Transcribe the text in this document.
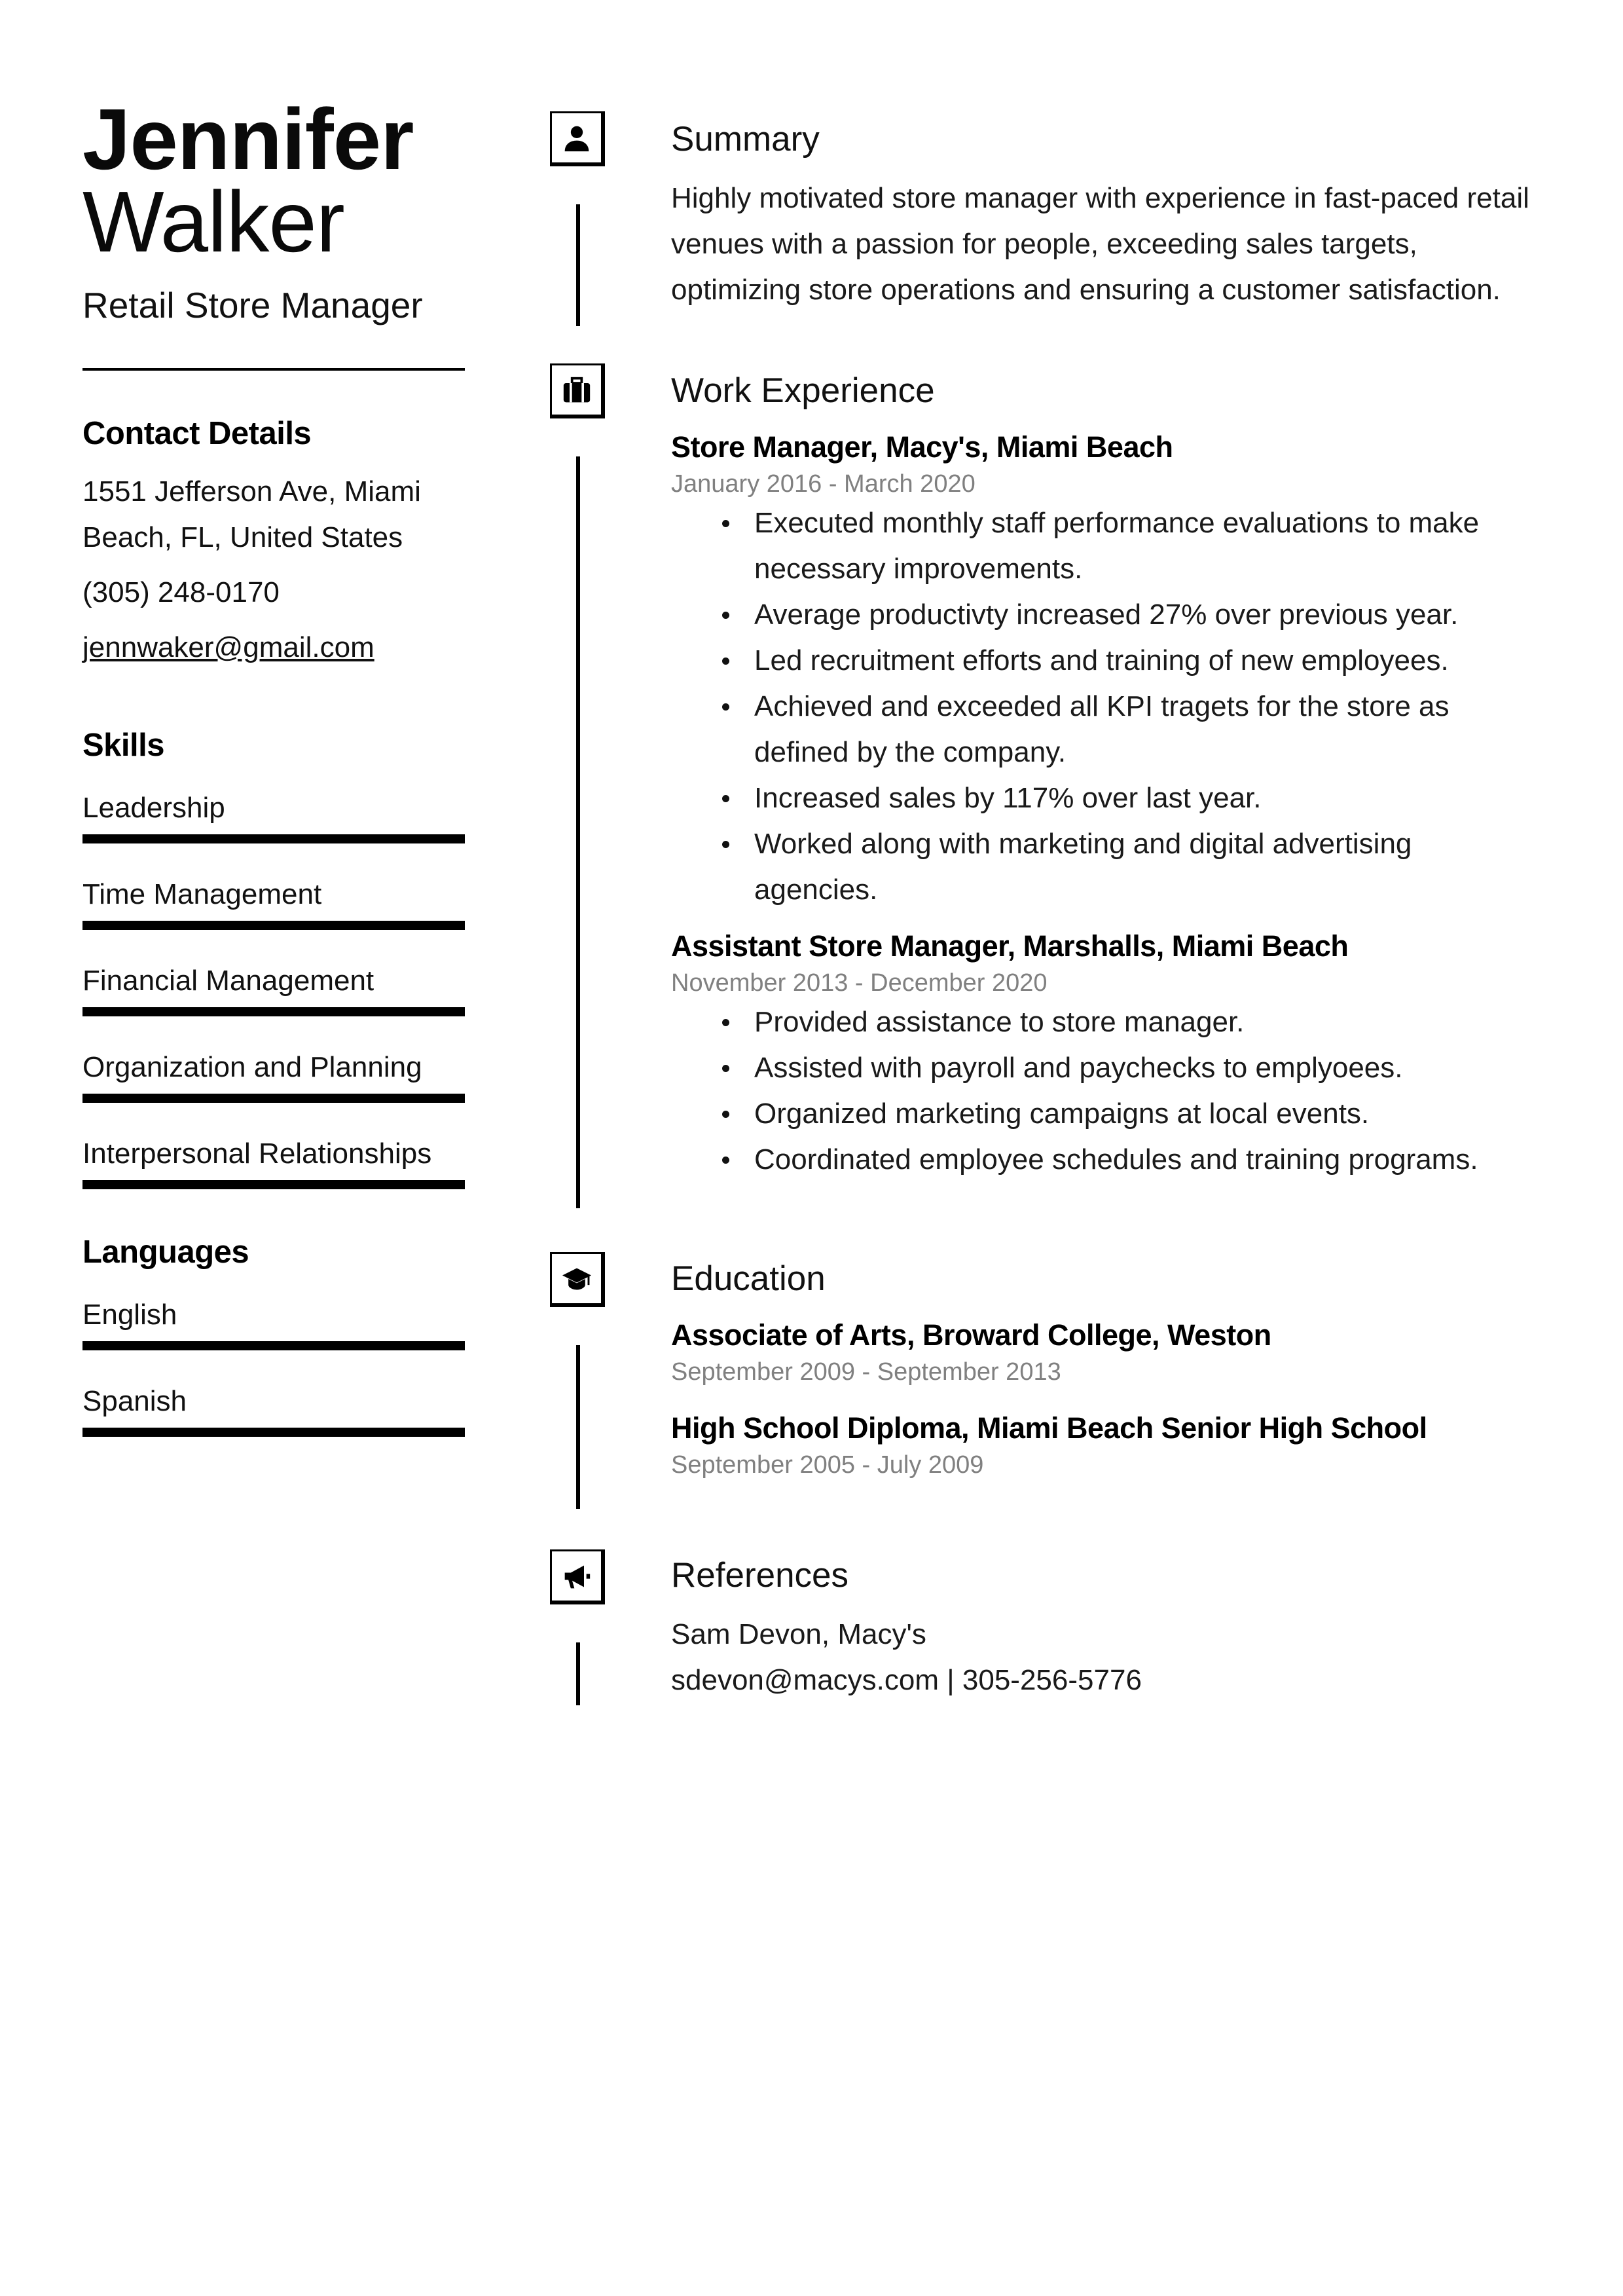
Jennifer
Walker
Retail Store Manager
Contact Details
1551 Jefferson Ave, Miami Beach, FL, United States
(305) 248-0170
jennwaker@gmail.com
Skills
Leadership
Time Management
Financial Management
Organization and Planning
Interpersonal Relationships
Languages
English
Spanish
Summary
Highly motivated store manager with experience in fast-paced retail venues with a passion for people, exceeding sales targets, optimizing store operations and ensuring a customer satisfaction.
Work Experience
Store Manager, Macy's, Miami Beach
January 2016 - March 2020
Executed monthly staff performance evaluations to make necessary improvements.
Average productivty increased 27% over previous year.
Led recruitment efforts and training of new employees.
Achieved and exceeded all KPI tragets for the store as defined by the company.
Increased sales by 117% over last year.
Worked along with marketing and digital advertising agencies.
Assistant Store Manager, Marshalls, Miami Beach
November 2013 - December 2020
Provided assistance to store manager.
Assisted with payroll and paychecks to emplyoees.
Organized marketing campaigns at local events.
Coordinated employee schedules and training programs.
Education
Associate of Arts, Broward College, Weston
September 2009 - September 2013
High School Diploma, Miami Beach Senior High School
September 2005 - July 2009
References
Sam Devon, Macy's
sdevon@macys.com | 305-256-5776
